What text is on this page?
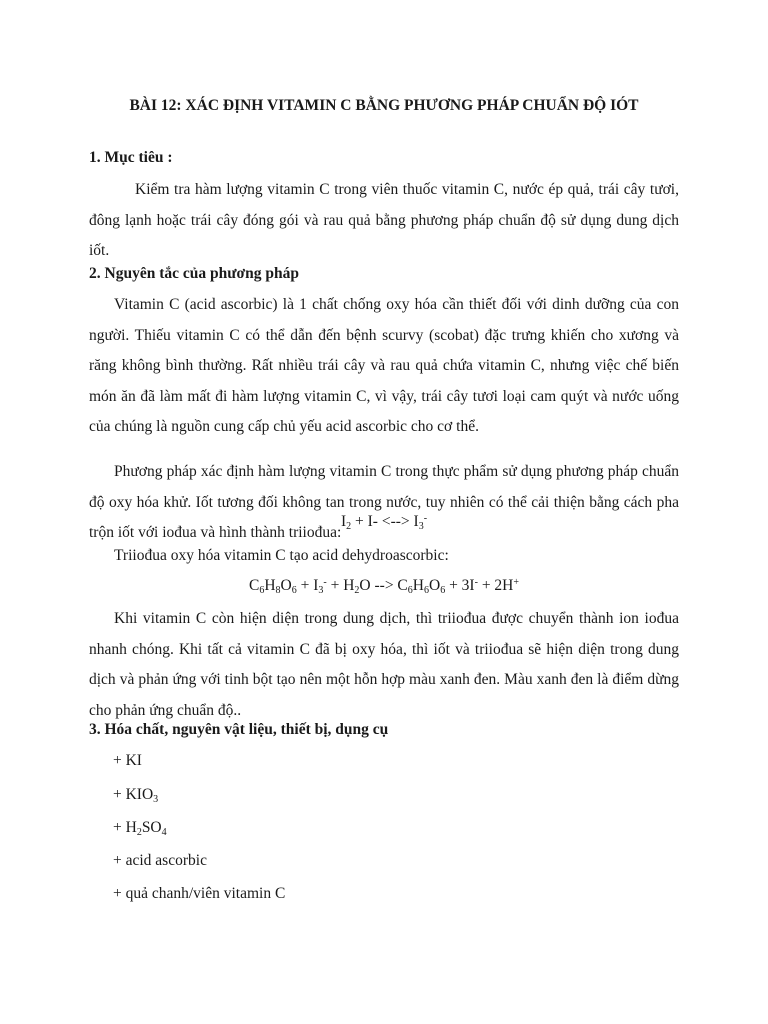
BÀI 12: XÁC ĐỊNH VITAMIN C BẰNG PHƯƠNG PHÁP CHUẨN ĐỘ IÓT
1. Mục tiêu :

Kiểm tra hàm lượng vitamin C trong viên thuốc vitamin C, nước ép quả, trái cây tươi, đông lạnh hoặc trái cây đóng gói và rau quả bằng phương pháp chuẩn độ sử dụng dung dịch iốt.

2. Nguyên tắc của phương pháp

Vitamin C (acid ascorbic) là 1 chất chống oxy hóa cần thiết đối với dinh dưỡng của con người. Thiếu vitamin C có thể dẫn đến bệnh scurvy (scobat) đặc trưng khiến cho xương và răng không bình thường. Rất nhiều trái cây và rau quả chứa vitamin C, nhưng việc chế biến món ăn đã làm mất đi hàm lượng vitamin C, vì vậy, trái cây tươi loại cam quýt và nước uống của chúng là nguồn cung cấp chủ yếu acid ascorbic cho cơ thể.

Phương pháp xác định hàm lượng vitamin C trong thực phẩm sử dụng phương pháp chuẩn độ oxy hóa khử. Iốt tương đối không tan trong nước, tuy nhiên có thể cải thiện bằng cách pha trộn iốt với iođua và hình thành triiođua:

$I_2 + I-$ <--> $I_3^-$

Triiođua oxy hóa vitamin C tạo acid dehydroascorbic:

$C_6H_8O_6 + I_3^- + H_2O$ --> $C_6H_6O_6 + 3I^- + 2H^+$

Khi vitamin C còn hiện diện trong dung dịch, thì triiođua được chuyển thành ion iođua nhanh chóng. Khi tất cả vitamin C đã bị oxy hóa, thì iốt và triiođua sẽ hiện diện trong dung dịch và phản ứng với tinh bột tạo nên một hỗn hợp màu xanh đen. Màu xanh đen là điểm dừng cho phản ứng chuẩn độ..

3. Hóa chất, nguyên vật liệu, thiết bị, dụng cụ
+ KI
+ $KIO_3$
+ $H_2SO_4$
+ acid ascorbic
+ quả chanh/viên vitamin C
